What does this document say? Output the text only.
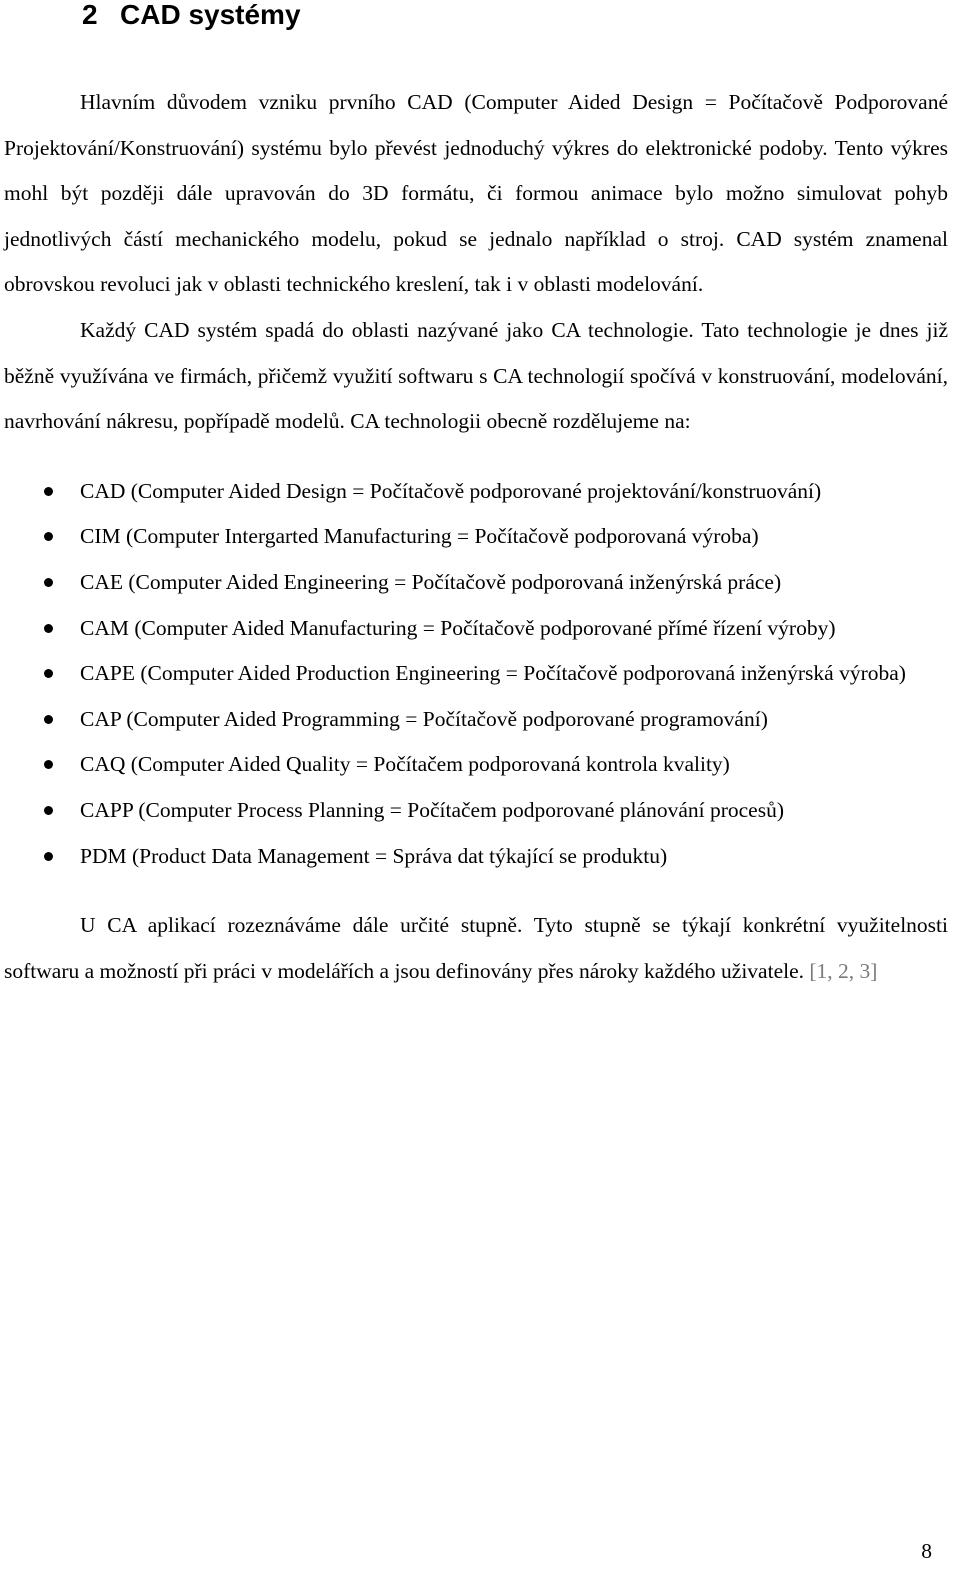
2 CAD systémy

Hlavním důvodem vzniku prvního CAD (Computer Aided Design = Počítačově Podporované Projektování/Konstruování) systému bylo převést jednoduchý výkres do elektronické podoby. Tento výkres mohl být později dále upravován do 3D formátu, či formou animace bylo možno simulovat pohyb jednotlivých částí mechanického modelu, pokud se jednalo například o stroj. CAD systém znamenal obrovskou revoluci jak v oblasti technického kreslení, tak i v oblasti modelování.

Každý CAD systém spadá do oblasti nazývané jako CA technologie. Tato technologie je dnes již běžně využívána ve firmách, přičemž využití softwaru s CA technologií spočívá v konstruování, modelování, navrhování nákresu, popřípadě modelů. CA technologii obecně rozdělujeme na:

CAD (Computer Aided Design = Počítačově podporované projektování/konstruování)
CIM (Computer Intergarted Manufacturing = Počítačově podporovaná výroba)
CAE (Computer Aided Engineering = Počítačově podporovaná inženýrská práce)
CAM (Computer Aided Manufacturing = Počítačově podporované přímé řízení výroby)
CAPE (Computer Aided Production Engineering = Počítačově podporovaná inženýrská výroba)
CAP (Computer Aided Programming = Počítačově podporované programování)
CAQ (Computer Aided Quality = Počítačem podporovaná kontrola kvality)
CAPP (Computer Process Planning = Počítačem podporované plánování procesů)
PDM (Product Data Management = Správa dat týkající se produktu)

U CA aplikací rozeznáváme dále určité stupně. Tyto stupně se týkají konkrétní využitelnosti softwaru a možností při práci v modelářích a jsou definovány přes nároky každého uživatele. [1, 2, 3]

8
